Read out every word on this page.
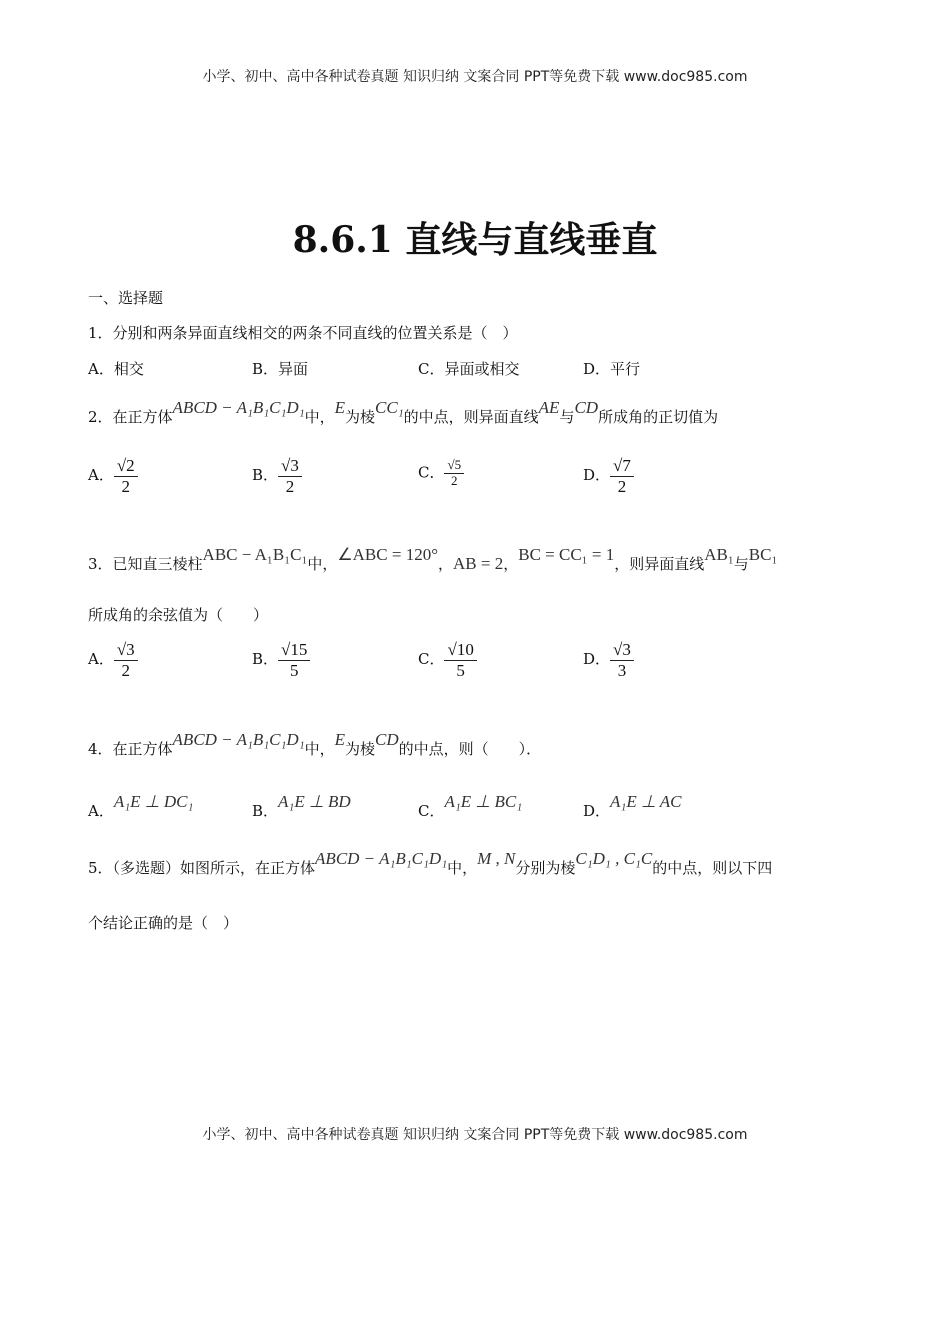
小学、初中、高中各种试卷真题 知识归纳 文案合同 PPT等免费下载 www.doc985.com
8.6.1 直线与直线垂直
一、选择题
1．分别和两条异面直线相交的两条不同直线的位置关系是（　）
A．相交	B．异面	C．异面或相交	D．平行
2．在正方体ABCD − A₁B₁C₁D₁中，E为棱CC₁的中点，则异面直线AE与CD所成角的正切值为
A． $\frac{√2}{2}$	B． $\frac{√3}{2}$	C． $\frac{√5}{2}$	D． $\frac{√7}{2}$
3．已知直三棱柱ABC − A₁B₁C₁中，∠ABC = 120°，AB = 2，BC = CC₁ = 1，则异面直线AB₁与BC₁
所成角的余弦值为（　　）
A． $\frac{√3}{2}$	B． $\frac{√15}{5}$	C． $\frac{√10}{5}$	D． $\frac{√3}{3}$
4．在正方体ABCD − A₁B₁C₁D₁中，E为棱CD的中点，则（　　）．
A．A₁E ⊥ DC₁	B．A₁E ⊥ BD	C．A₁E ⊥ BC₁	D．A₁E ⊥ AC
5．（多选题）如图所示，在正方体ABCD − A₁B₁C₁D₁中，M , N分别为棱C₁D₁ , C₁C的中点，则以下四
个结论正确的是（　）
小学、初中、高中各种试卷真题 知识归纳 文案合同 PPT等免费下载 www.doc985.com
